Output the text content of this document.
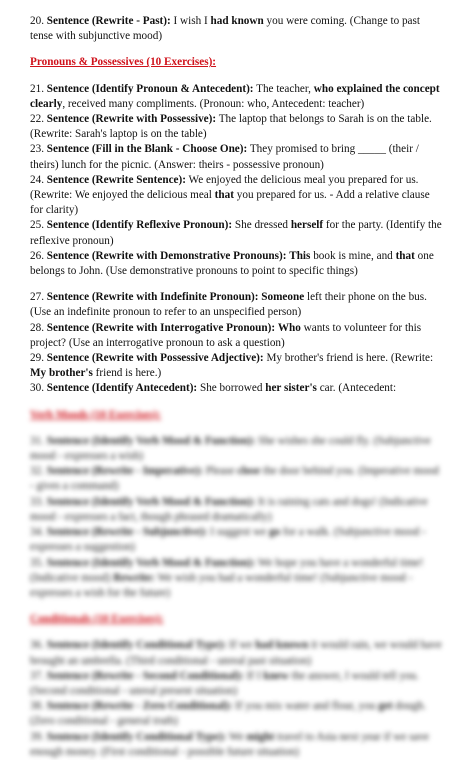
20. Sentence (Rewrite - Past): I wish I had known you were coming. (Change to past tense with subjunctive mood)

Pronouns & Possessives (10 Exercises):

21. Sentence (Identify Pronoun & Antecedent): The teacher, who explained the concept clearly, received many compliments. (Pronoun: who, Antecedent: teacher)

22. Sentence (Rewrite with Possessive): The laptop that belongs to Sarah is on the table. (Rewrite: Sarah's laptop is on the table)

23. Sentence (Fill in the Blank - Choose One): They promised to bring _____ (their / theirs) lunch for the picnic. (Answer: theirs - possessive pronoun)

24. Sentence (Rewrite Sentence): We enjoyed the delicious meal you prepared for us. (Rewrite: We enjoyed the delicious meal that you prepared for us. - Add a relative clause for clarity)

25. Sentence (Identify Reflexive Pronoun): She dressed herself for the party. (Identify the reflexive pronoun)

26. Sentence (Rewrite with Demonstrative Pronouns): This book is mine, and that one belongs to John. (Use demonstrative pronouns to point to specific things)

27. Sentence (Rewrite with Indefinite Pronoun): Someone left their phone on the bus. (Use an indefinite pronoun to refer to an unspecified person)

28. Sentence (Rewrite with Interrogative Pronoun): Who wants to volunteer for this project? (Use an interrogative pronoun to ask a question)

29. Sentence (Rewrite with Possessive Adjective): My brother's friend is here. (Rewrite: My brother's friend is here.)

30. Sentence (Identify Antecedent): She borrowed her sister's car. (Antecedent:

Verb Moods (10 Exercises):

31. Sentence (Identify Verb Mood & Function): She wishes she could fly. (Subjunctive mood - expresses a wish)

32. Sentence (Rewrite - Imperative): Please close the door behind you. (Imperative mood - gives a command)

33. Sentence (Identify Verb Mood & Function): It is raining cats and dogs! (Indicative mood - expresses a fact, though phrased dramatically)

34. Sentence (Rewrite - Subjunctive): I suggest we go for a walk. (Subjunctive mood - expresses a suggestion)

35. Sentence (Identify Verb Mood & Function): We hope you have a wonderful time! (Indicative mood) Rewrite: We wish you had a wonderful time! (Subjunctive mood - expresses a wish for the future)

Conditionals (10 Exercises):

36. Sentence (Identify Conditional Type): If we had known it would rain, we would have brought an umbrella. (Third conditional - unreal past situation)

37. Sentence (Rewrite - Second Conditional): If I knew the answer, I would tell you. (Second conditional - unreal present situation)

38. Sentence (Rewrite - Zero Conditional): If you mix water and flour, you get dough. (Zero conditional - general truth)

39. Sentence (Identify Conditional Type): We might travel to Asia next year if we save enough money. (First conditional - possible future situation)
